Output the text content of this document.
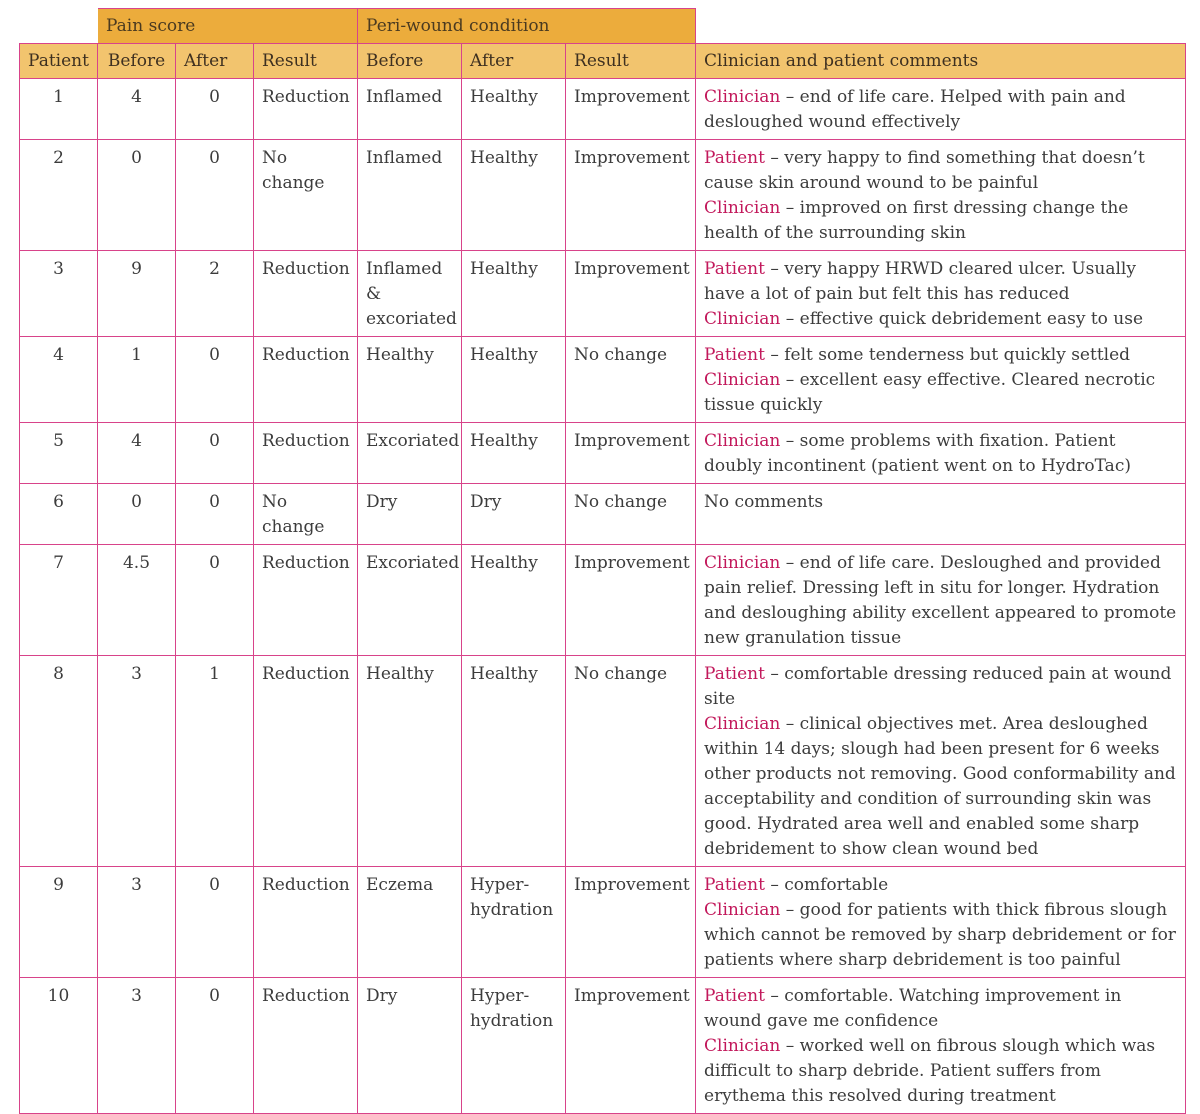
	Pain score			Peri-wound condition			
Patient	Before	After	Result	Before	After	Result	Clinician and patient comments
1	4	0	Reduction	Inflamed	Healthy	Improvement	Clinician – end of life care. Helped with pain and desloughed wound effectively

2	0	0	No change	Inflamed	Healthy	Improvement	Patient – very happy to find something that doesn’t cause skin around wound to be painful
Clinician – improved on first dressing change the health of the surrounding skin

3	9	2	Reduction	Inflamed & excoriated	Healthy	Improvement	Patient – very happy HRWD cleared ulcer. Usually have a lot of pain but felt this has reduced
Clinician – effective quick debridement easy to use

4	1	0	Reduction	Healthy	Healthy	No change	Patient – felt some tenderness but quickly settled
Clinician – excellent easy effective. Cleared necrotic tissue quickly

5	4	0	Reduction	Excoriated	Healthy	Improvement	Clinician – some problems with fixation. Patient doubly incontinent (patient went on to HydroTac)

6	0	0	No change	Dry	Dry	No change	No comments

7	4.5	0	Reduction	Excoriated	Healthy	Improvement	Clinician – end of life care. Desloughed and provided pain relief. Dressing left in situ for longer. Hydration and desloughing ability excellent appeared to promote new granulation tissue

8	3	1	Reduction	Healthy	Healthy	No change	Patient – comfortable dressing reduced pain at wound site
Clinician – clinical objectives met. Area desloughed within 14 days; slough had been present for 6 weeks other products not removing. Good conformability and acceptability and condition of surrounding skin was good. Hydrated area well and enabled some sharp debridement to show clean wound bed

9	3	0	Reduction	Eczema	Hyper-hydration	Improvement	Patient – comfortable
Clinician – good for patients with thick fibrous slough which cannot be removed by sharp debridement or for patients where sharp debridement is too painful

10	3	0	Reduction	Dry	Hyper-hydration	Improvement	Patient – comfortable. Watching improvement in wound gave me confidence
Clinician – worked well on fibrous slough which was difficult to sharp debride. Patient suffers from erythema this resolved during treatment
